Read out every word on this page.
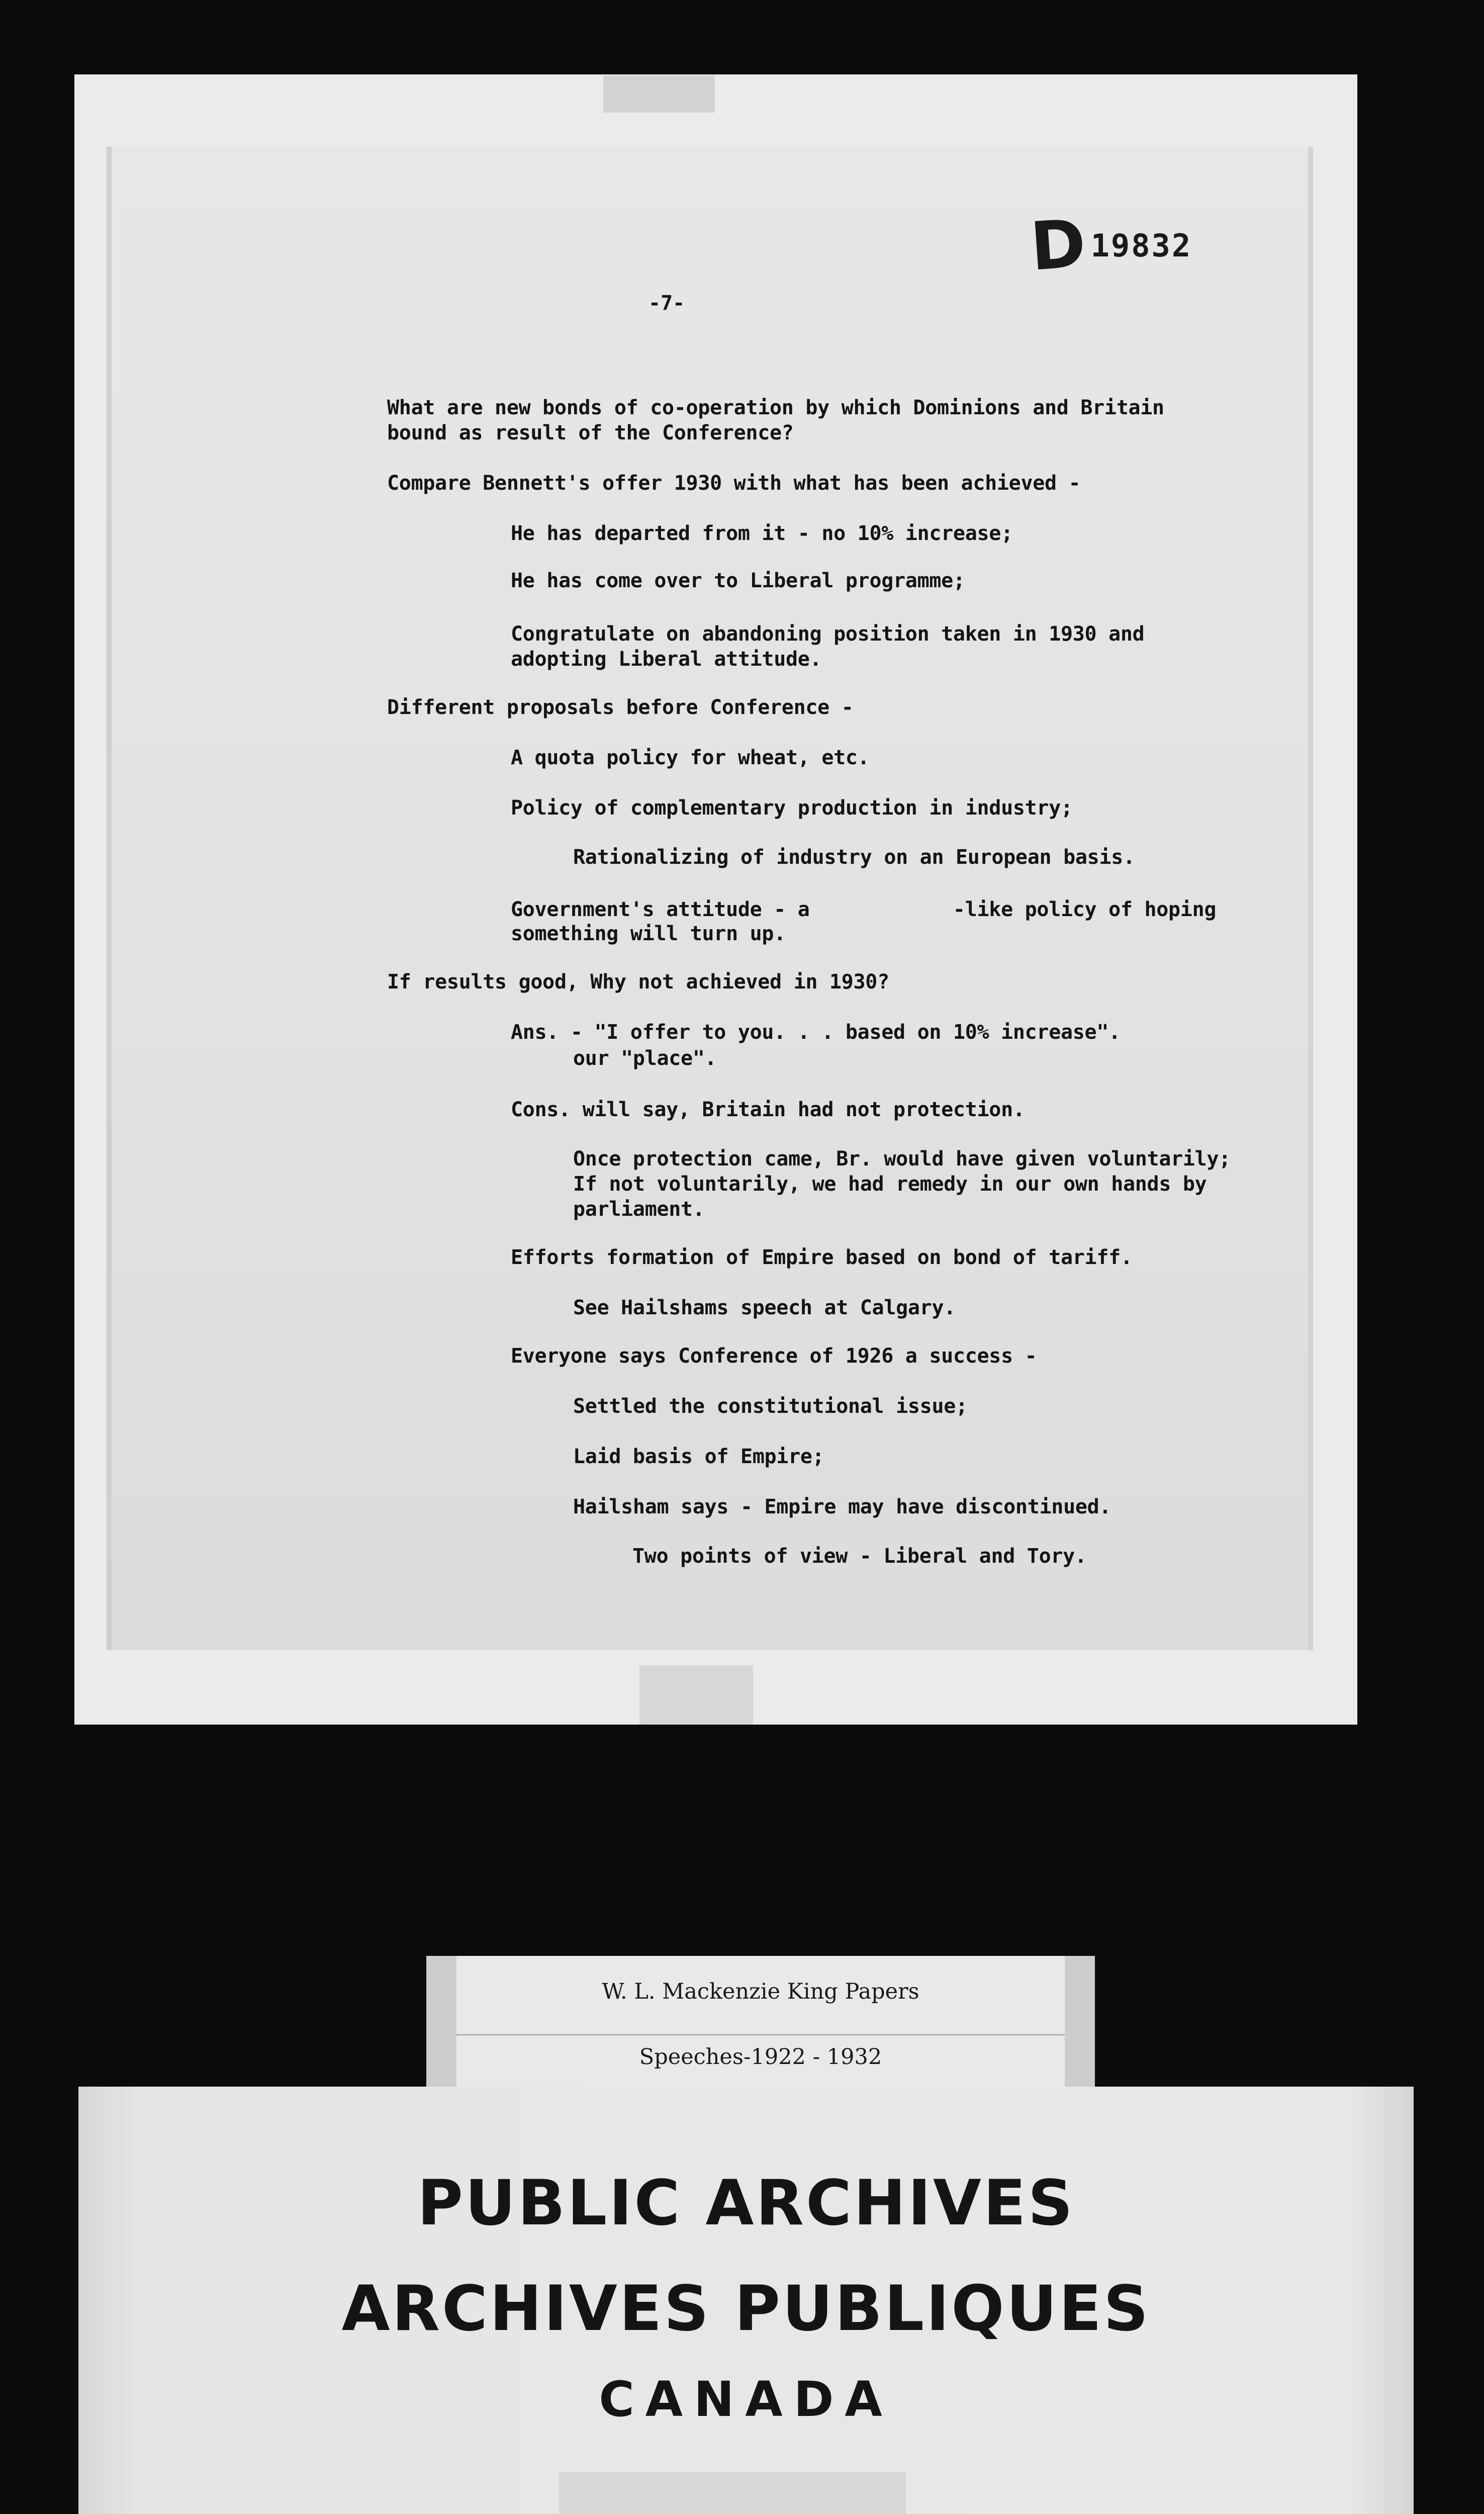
D 19832
-7-
What are new bonds of co-operation by which Dominions and Britain
bound as result of the Conference?
Compare Bennett's offer 1930 with what has been achieved -
He has departed from it - no 10% increase;
He has come over to Liberal programme;
Congratulate on abandoning position taken in 1930 and
adopting Liberal attitude.
Different proposals before Conference -
A quota policy for wheat, etc.
Policy of complementary production in industry;
Rationalizing of industry on an European basis.
Government's attitude - a            -like policy of hoping
something will turn up.
If results good, Why not achieved in 1930?
Ans. - "I offer to you. . . based on 10% increase".
our "place".
Cons. will say, Britain had not protection.
Once protection came, Br. would have given voluntarily;
If not voluntarily, we had remedy in our own hands by
parliament.
Efforts formation of Empire based on bond of tariff.
See Hailshams speech at Calgary.
Everyone says Conference of 1926 a success -
Settled the constitutional issue;
Laid basis of Empire;
Hailsham says - Empire may have discontinued.
Two points of view - Liberal and Tory.
W. L. Mackenzie King Papers
Speeches-1922 - 1932
PUBLIC ARCHIVES
ARCHIVES PUBLIQUES
CANADA
